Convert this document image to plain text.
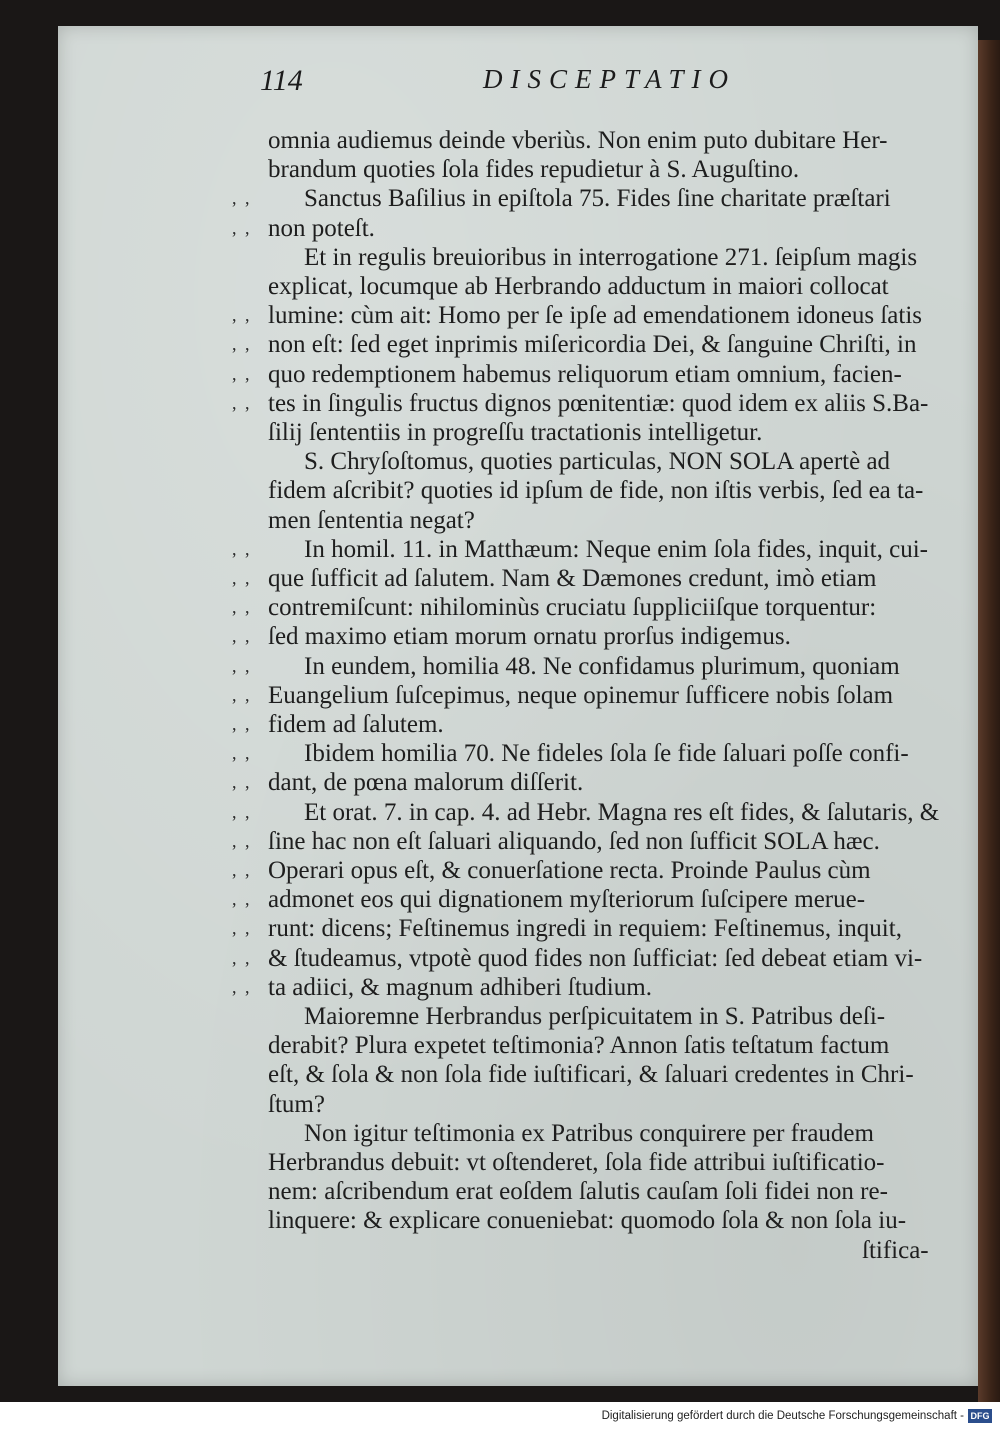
114	DISCEPTATIO
omnia audiemus deinde vberiùs. Non enim puto dubitare Her-
brandum quoties ſola fides repudietur à S. Auguſtino.
, ,	Sanctus Baſilius in epiſtola 75. Fides ſine charitate præſtari
, , non poteſt.
Et in regulis breuioribus in interrogatione 271. ſeipſum magis
explicat, locumque ab Herbrando adductum in maiori collocat
, , lumine: cùm ait: Homo per ſe ipſe ad emendationem idoneus ſatis
, , non eſt: ſed eget inprimis miſericordia Dei, & ſanguine Chriſti, in
, , quo redemptionem habemus reliquorum etiam omnium, facien-
, , tes in ſingulis fructus dignos pœnitentiæ: quod idem ex aliis S.Ba-
ſilij ſententiis in progreſſu tractationis intelligetur.
S. Chryſoſtomus, quoties particulas, NON SOLA apertè ad
fidem aſcribit? quoties id ipſum de fide, non iſtis verbis, ſed ea ta-
men ſententia negat?
, ,	In homil. 11. in Matthæum: Neque enim ſola fides, inquit, cui-
, , que ſufficit ad ſalutem. Nam & Dæmones credunt, imò etiam
, , contremiſcunt: nihilominùs cruciatu ſuppliciiſque torquentur:
, , ſed maximo etiam morum ornatu prorſus indigemus.
, ,	In eundem, homilia 48. Ne confidamus plurimum, quoniam
, , Euangelium ſuſcepimus, neque opinemur ſufficere nobis ſolam
, , fidem ad ſalutem.
, ,	Ibidem homilia 70. Ne fideles ſola ſe fide ſaluari poſſe confi-
, , dant, de pœna malorum diſſerit.
, ,	Et orat. 7. in cap. 4. ad Hebr. Magna res eſt fides, & ſalutaris, &
, , ſine hac non eſt ſaluari aliquando, ſed non ſufficit SOLA hæc.
, , Operari opus eſt, & conuerſatione recta. Proinde Paulus cùm
, , admonet eos qui dignationem myſteriorum ſuſcipere merue-
, , runt: dicens; Feſtinemus ingredi in requiem: Feſtinemus, inquit,
, , & ſtudeamus, vtpotè quod fides non ſufficiat: ſed debeat etiam vi-
, , ta adiici, & magnum adhiberi ſtudium.
Maioremne Herbrandus perſpicuitatem in S. Patribus deſi-
derabit? Plura expetet teſtimonia? Annon ſatis teſtatum factum
eſt, & ſola & non ſola fide iuſtificari, & ſaluari credentes in Chri-
ſtum?
Non igitur teſtimonia ex Patribus conquirere per fraudem
Herbrandus debuit: vt oſtenderet, ſola fide attribui iuſtificatio-
nem: aſcribendum erat eoſdem ſalutis cauſam ſoli fidei non re-
linquere: & explicare conueniebat: quomodo ſola & non ſola iu-
ſtifica-
Digitalisierung gefördert durch die Deutsche Forschungsgemeinschaft - DFG
